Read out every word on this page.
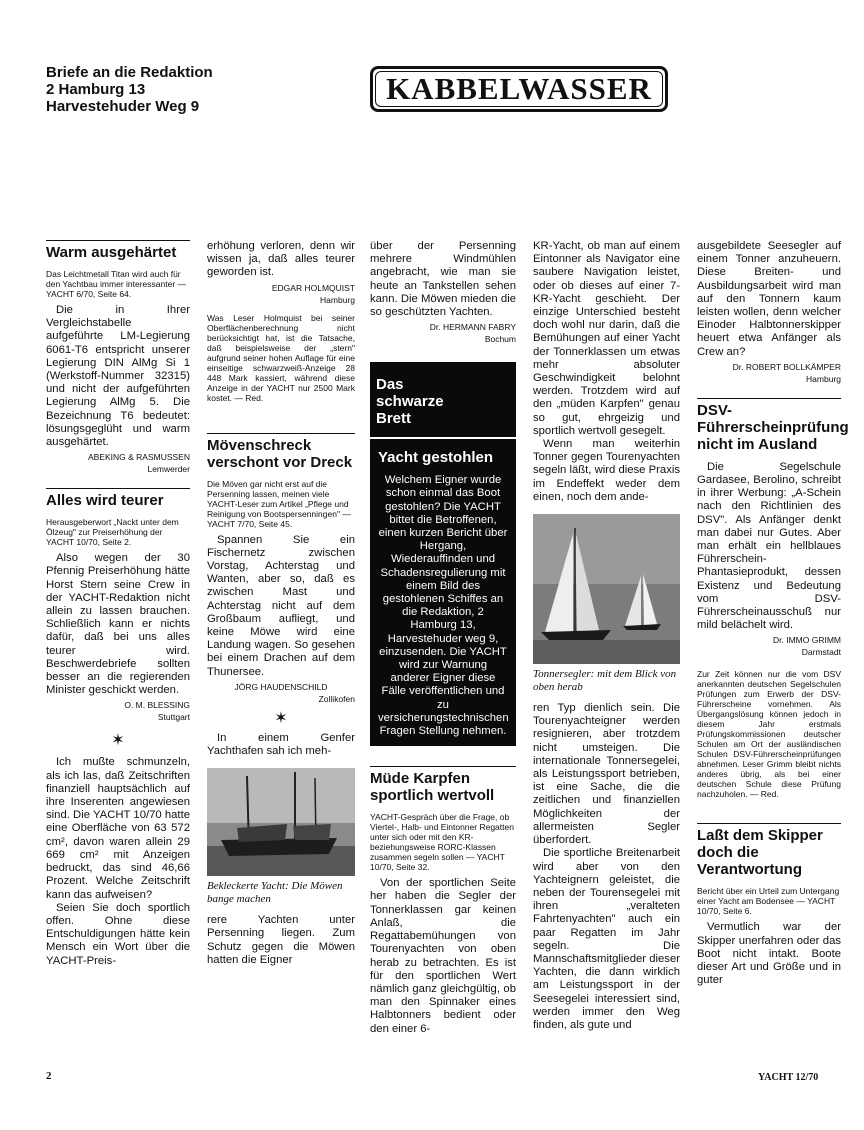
Briefe an die Redaktion
2 Hamburg 13
Harvestehuder Weg 9
KABBELWASSER
Warm ausgehärtet

Das Leichtmetall Titan wird auch für den Yachtbau immer interessanter — YACHT 6/70, Seite 64.

Die in Ihrer Vergleichstabelle aufgeführte LM-Legierung 6061-T6 entspricht unserer Legierung DIN AlMg Si 1 (Werkstoff-Nummer 32315) und nicht der aufgeführten Legierung AlMg 5. Die Bezeichnung T6 bedeutet: lösungsgeglüht und warm ausgehärtet.

ABEKING & RASMUSSEN
Lemwerder
Alles wird teurer

Herausgeberwort „Nackt unter dem Ölzeug" zur Preiserhöhung der YACHT 10/70, Seite 2.

Also wegen der 30 Pfennig Preiserhöhung hätte Horst Stern seine Crew in der YACHT-Redaktion nicht allein zu lassen brauchen. Schließlich kann er nichts dafür, daß bei uns alles teurer wird. Beschwerdebriefe sollten besser an die regierenden Minister geschickt werden.

O. M. BLESSING
Stuttgart
✶

Ich mußte schmunzeln, als ich las, daß Zeitschriften finanziell hauptsächlich auf ihre Inserenten angewiesen sind. Die YACHT 10/70 hatte eine Oberfläche von 63 572 cm², davon waren allein 29 669 cm² mit Anzeigen bedruckt, das sind 46,66 Prozent. Welche Zeitschrift kann das aufweisen?

Seien Sie doch sportlich offen. Ohne diese Entschuldigungen hätte kein Mensch ein Wort über die YACHT-Preis-

erhöhung verloren, denn wir wissen ja, daß alles teurer geworden ist.

EDGAR HOLMQUIST
Hamburg

Was Leser Holmquist bei seiner Oberflächenberechnung nicht berücksichtigt hat, ist die Tatsache, daß beispielsweise der „stern" aufgrund seiner hohen Auflage für eine einseitige schwarzweiß-Anzeige 28 448 Mark kassiert, während diese Anzeige in der YACHT nur 2500 Mark kostet. — Red.

Mövenschreck verschont vor Dreck

Die Möven gar nicht erst auf die Persenning lassen, meinen viele YACHT-Leser zum Artikel „Pflege und Reinigung von Bootspersenningen" — YACHT 7/70, Seite 45.

Spannen Sie ein Fischernetz zwischen Vorstag, Achterstag und Wanten, aber so, daß es zwischen Mast und Achterstag nicht auf dem Großbaum aufliegt, und keine Möwe wird eine Landung wagen. So gesehen bei einem Drachen auf dem Thunersee.

JÖRG HAUDENSCHILD
Zollikofen
✶

In einem Genfer Yachthafen sah ich meh-

Bekleckerte Yacht: Die Möwen bange machen

rere Yachten unter Persenning liegen. Zum Schutz gegen die Möwen hatten die Eigner

über der Persenning mehrere Windmühlen angebracht, wie man sie heute an Tankstellen sehen kann. Die Möwen mieden die so geschützten Yachten.

Dr. HERMANN FABRY
Bochum
Das
schwarze
Brett
Yacht gestohlen

Welchem Eigner wurde schon einmal das Boot gestohlen? Die YACHT bittet die Betroffenen, einen kurzen Bericht über Hergang, Wiederauffinden und Schadensregulierung mit einem Bild des gestohlenen Schiffes an die Redaktion, 2 Hamburg 13, Harvestehuder weg 9, einzusenden. Die YACHT wird zur Warnung anderer Eigner diese Fälle veröffentlichen und zu versicherungstechnischen Fragen Stellung nehmen.

Müde Karpfen sportlich wertvoll

YACHT-Gespräch über die Frage, ob Viertel-, Halb- und Eintonner Regatten unter sich oder mit den KR-beziehungsweise RORC-Klassen zusammen segeln sollen — YACHT 10/70, Seite 32.

Von der sportlichen Seite her haben die Segler der Tonnerklassen gar keinen Anlaß, die Regattabemühungen von Tourenyachten von oben herab zu betrachten. Es ist für den sportlichen Wert nämlich ganz gleichgültig, ob man den Spinnaker eines Halbtonners bedient oder den einer 6-

KR-Yacht, ob man auf einem Eintonner als Navigator eine saubere Navigation leistet, oder ob dieses auf einer 7-KR-Yacht geschieht. Der einzige Unterschied besteht doch wohl nur darin, daß die Bemühungen auf einer Yacht der Tonnerklassen um etwas mehr absoluter Geschwindigkeit belohnt werden. Trotzdem wird auf den „müden Karpfen" genau so gut, ehrgeizig und sportlich wertvoll gesegelt.

Wenn man weiterhin Tonner gegen Tourenyachten segeln läßt, wird diese Praxis im Endeffekt weder dem einen, noch dem ande-

Tonnersegler: mit dem Blick von oben herab

ren Typ dienlich sein. Die Tourenyachteigner werden resignieren, aber trotzdem nicht umsteigen. Die internationale Tonnersegelei, als Leistungssport betrieben, ist eine Sache, die die zeitlichen und finanziellen Möglichkeiten der allermeisten Segler überfordert.

Die sportliche Breitenarbeit wird aber von den Yachteignern geleistet, die neben der Tourensegelei mit ihren „veralteten Fahrtenyachten" auch ein paar Regatten im Jahr segeln. Die Mannschaftsmitglieder dieser Yachten, die dann wirklich am Leistungssport in der Seesegelei interessiert sind, werden immer den Weg finden, als gute und

ausgebildete Seesegler auf einem Tonner anzuheuern. Diese Breiten- und Ausbildungsarbeit wird man auf den Tonnern kaum leisten wollen, denn welcher Einoder Halbtonnerskipper heuert etwa Anfänger als Crew an?

Dr. ROBERT BOLLKÄMPER
Hamburg
DSV-Führerscheinprüfung nicht im Ausland

Die Segelschule Gardasee, Berolino, schreibt in ihrer Werbung: „A-Schein nach den Richtlinien des DSV". Als Anfänger denkt man dabei nur Gutes. Aber man erhält ein hellblaues Führerschein-Phantasieprodukt, dessen Existenz und Bedeutung vom DSV-Führerscheinausschuß nur mild belächelt wird.

Dr. IMMO GRIMM
Darmstadt

Zur Zeit können nur die vom DSV anerkannten deutschen Segelschulen Prüfungen zum Erwerb der DSV-Führerscheine vornehmen. Als Übergangslösung können jedoch in diesem Jahr erstmals Prüfungskommissionen deutscher Schulen am Ort der ausländischen Schulen DSV-Führerscheinprüfungen abnehmen. Leser Grimm bleibt nichts anderes übrig, als bei einer deutschen Schule diese Prüfung nachzuholen. — Red.

Laßt dem Skipper doch die Verantwortung

Bericht über ein Urteil zum Untergang einer Yacht am Bodensee — YACHT 10/70, Seite 6.

Vermutlich war der Skipper unerfahren oder das Boot nicht intakt. Boote dieser Art und Größe und in guter

2	YACHT 12/70
